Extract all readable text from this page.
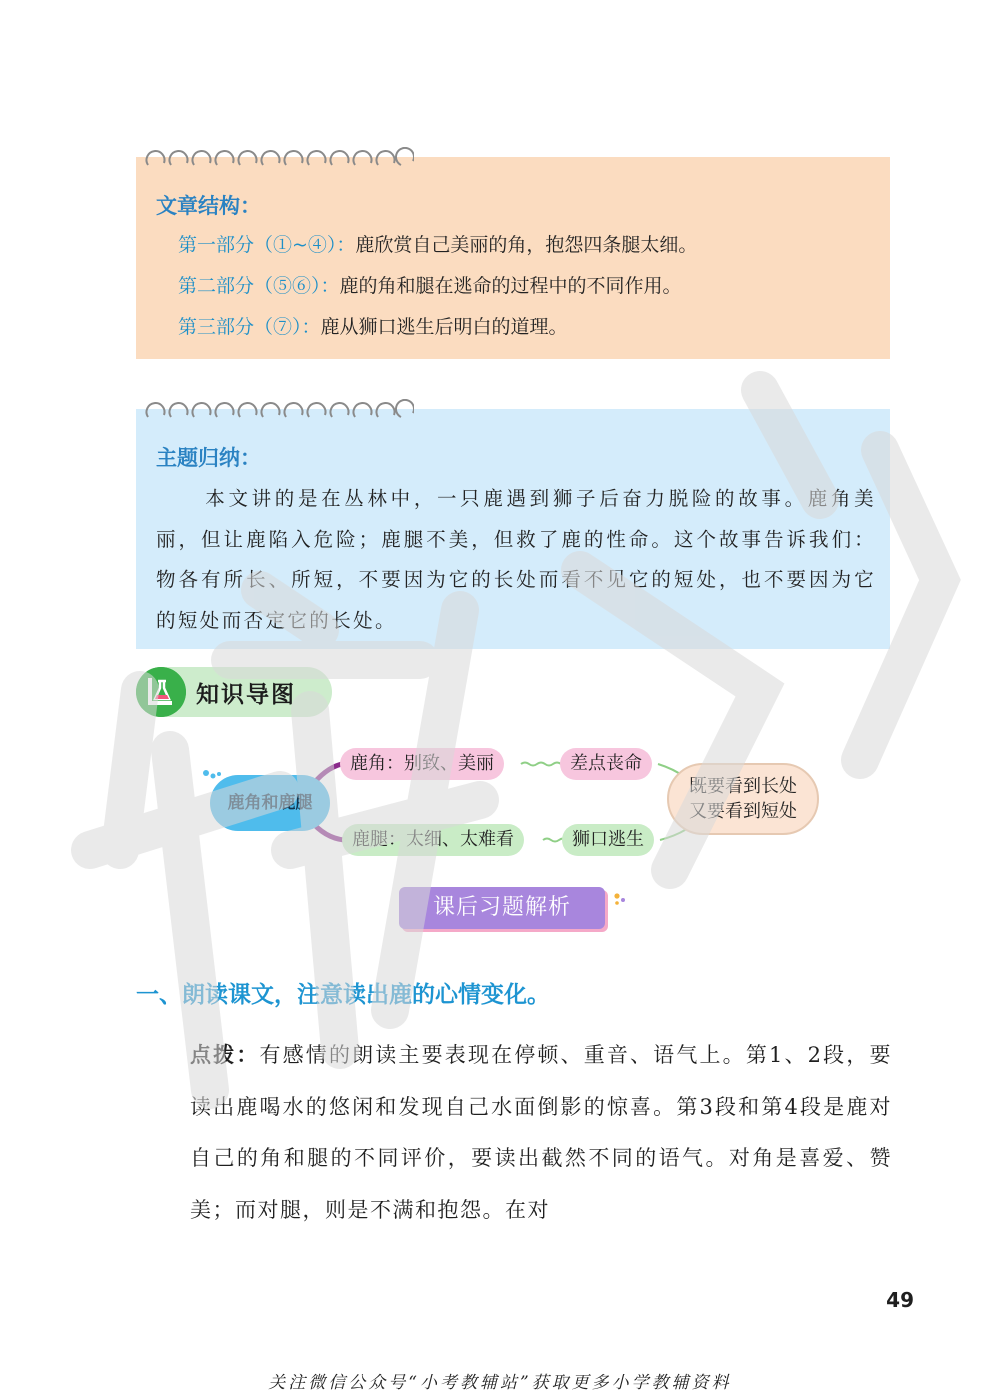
文章结构：

第一部分（①~④）：鹿欣赏自己美丽的角，抱怨四条腿太细。

第二部分（⑤⑥）：鹿的角和腿在逃命的过程中的不同作用。

第三部分（⑦）：鹿从狮口逃生后明白的道理。

主题归纳：

本文讲的是在丛林中，一只鹿遇到狮子后奋力脱险的故事。鹿角美丽，但让鹿陷入危险；鹿腿不美，但救了鹿的性命。这个故事告诉我们：物各有所长、所短，不要因为它的长处而看不见它的短处，也不要因为它的短处而否定它的长处。

知识导图
鹿角和鹿腿
鹿角：别致、美丽	差点丧命
鹿腿：太细、太难看	狮口逃生
既要看到长处
又要看到短处
课后习题解析
一、朗读课文，注意读出鹿的心情变化。

点拨：有感情的朗读主要表现在停顿、重音、语气上。第1、2段，要读出鹿喝水的悠闲和发现自己水面倒影的惊喜。第3段和第4段是鹿对自己的角和腿的不同评价，要读出截然不同的语气。对角是喜爱、赞美；而对腿，则是不满和抱怨。在对

49
关注微信公众号“小考教辅站”获取更多小学教辅资料
